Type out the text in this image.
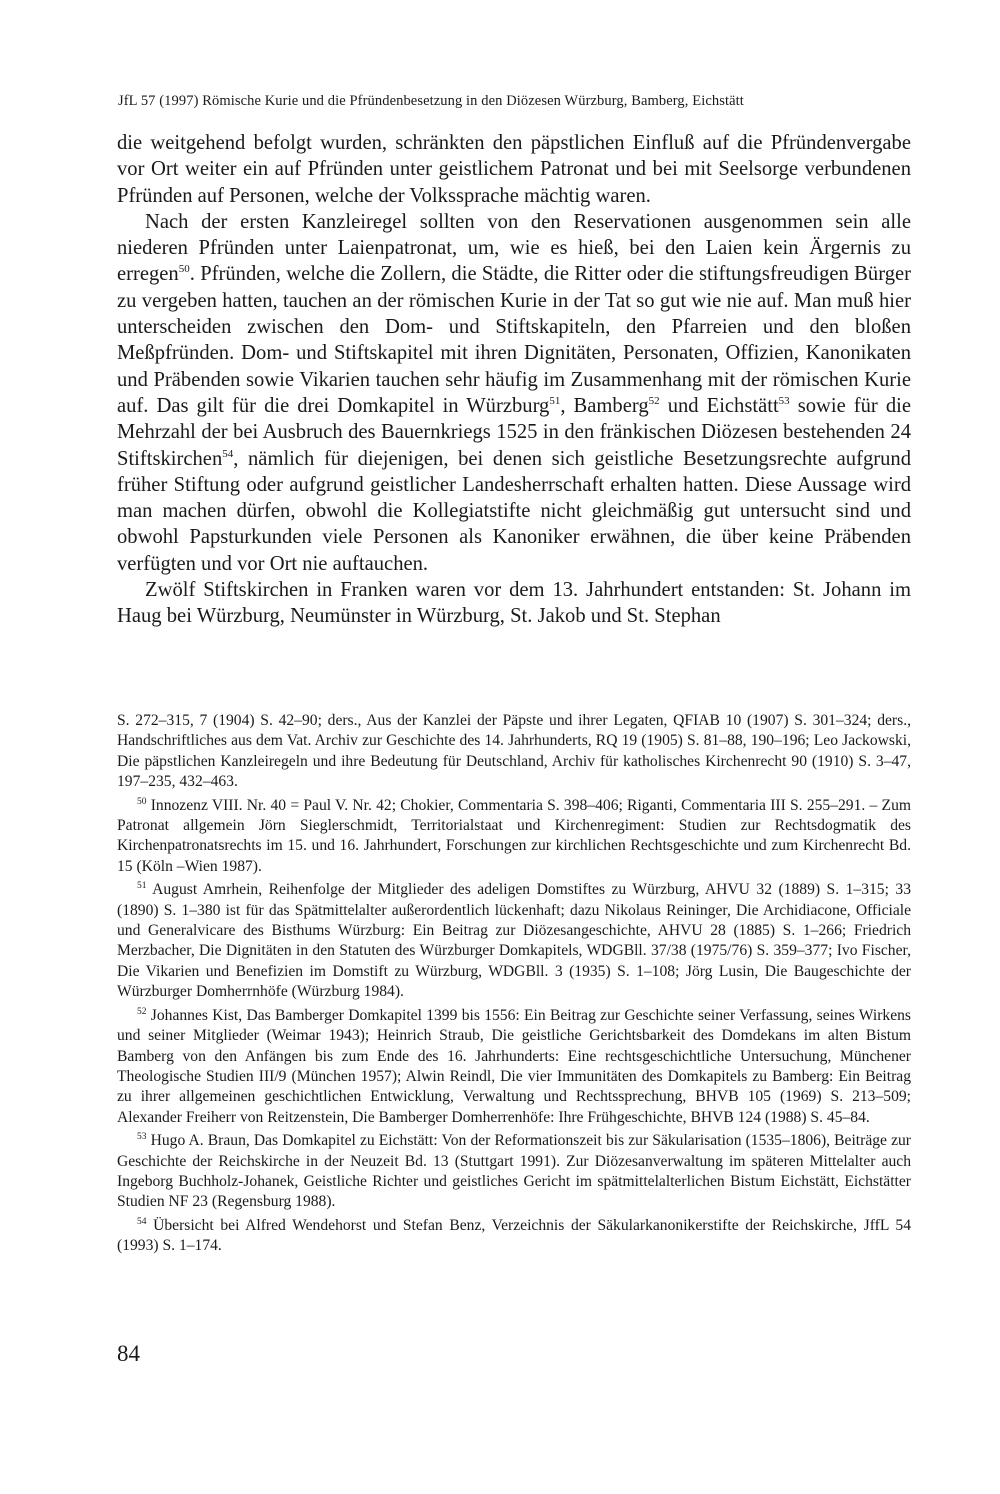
JfL 57 (1997) Römische Kurie und die Pfründenbesetzung in den Diözesen Würzburg, Bamberg, Eichstätt

die weitgehend befolgt wurden, schränkten den päpstlichen Einfluß auf die Pfründenvergabe vor Ort weiter ein auf Pfründen unter geistlichem Patronat und bei mit Seelsorge verbundenen Pfründen auf Personen, welche der Volkssprache mächtig waren.

Nach der ersten Kanzleiregel sollten von den Reservationen ausgenommen sein alle niederen Pfründen unter Laienpatronat, um, wie es hieß, bei den Laien kein Ärgernis zu erregen$^{50}$. Pfründen, welche die Zollern, die Städte, die Ritter oder die stiftungsfreudigen Bürger zu vergeben hatten, tauchen an der römischen Kurie in der Tat so gut wie nie auf. Man muß hier unterscheiden zwischen den Dom- und Stiftskapiteln, den Pfarreien und den bloßen Meßpfründen. Dom- und Stiftskapitel mit ihren Dignitäten, Personaten, Offizien, Kanonikaten und Präbenden sowie Vikarien tauchen sehr häufig im Zusammenhang mit der römischen Kurie auf. Das gilt für die drei Domkapitel in Würzburg$^{51}$, Bamberg$^{52}$ und Eichstätt$^{53}$ sowie für die Mehrzahl der bei Ausbruch des Bauernkriegs 1525 in den fränkischen Diözesen bestehenden 24 Stiftskirchen$^{54}$, nämlich für diejenigen, bei denen sich geistliche Besetzungsrechte aufgrund früher Stiftung oder aufgrund geistlicher Landesherrschaft erhalten hatten. Diese Aussage wird man machen dürfen, obwohl die Kollegiatstifte nicht gleichmäßig gut untersucht sind und obwohl Papsturkunden viele Personen als Kanoniker erwähnen, die über keine Präbenden verfügten und vor Ort nie auftauchen.

Zwölf Stiftskirchen in Franken waren vor dem 13. Jahrhundert entstanden: St. Johann im Haug bei Würzburg, Neumünster in Würzburg, St. Jakob und St. Stephan

S. 272–315, 7 (1904) S. 42–90; ders., Aus der Kanzlei der Päpste und ihrer Legaten, QFIAB 10 (1907) S. 301–324; ders., Handschriftliches aus dem Vat. Archiv zur Geschichte des 14. Jahrhunderts, RQ 19 (1905) S. 81–88, 190–196; Leo Jackowski, Die päpstlichen Kanzleiregeln und ihre Bedeutung für Deutschland, Archiv für katholisches Kirchenrecht 90 (1910) S. 3–47, 197–235, 432–463.

$^{50}$ Innozenz VIII. Nr. 40 = Paul V. Nr. 42; Chokier, Commentaria S. 398–406; Riganti, Commentaria III S. 255–291. – Zum Patronat allgemein Jörn Sieglerschmidt, Territorialstaat und Kirchenregiment: Studien zur Rechtsdogmatik des Kirchenpatronatsrechts im 15. und 16. Jahrhundert, Forschungen zur kirchlichen Rechtsgeschichte und zum Kirchenrecht Bd. 15 (Köln –Wien 1987).

$^{51}$ August Amrhein, Reihenfolge der Mitglieder des adeligen Domstiftes zu Würzburg, AHVU 32 (1889) S. 1–315; 33 (1890) S. 1–380 ist für das Spätmittelalter außerordentlich lückenhaft; dazu Nikolaus Reininger, Die Archidiacone, Officiale und Generalvicare des Bisthums Würzburg: Ein Beitrag zur Diözesangeschichte, AHVU 28 (1885) S. 1–266; Friedrich Merzbacher, Die Dignitäten in den Statuten des Würzburger Domkapitels, WDGBll. 37/38 (1975/76) S. 359–377; Ivo Fischer, Die Vikarien und Benefizien im Domstift zu Würzburg, WDGBll. 3 (1935) S. 1–108; Jörg Lusin, Die Baugeschichte der Würzburger Domherrnhöfe (Würzburg 1984).

$^{52}$ Johannes Kist, Das Bamberger Domkapitel 1399 bis 1556: Ein Beitrag zur Geschichte seiner Verfassung, seines Wirkens und seiner Mitglieder (Weimar 1943); Heinrich Straub, Die geistliche Gerichtsbarkeit des Domdekans im alten Bistum Bamberg von den Anfängen bis zum Ende des 16. Jahrhunderts: Eine rechtsgeschichtliche Untersuchung, Münchener Theologische Studien III/9 (München 1957); Alwin Reindl, Die vier Immunitäten des Domkapitels zu Bamberg: Ein Beitrag zu ihrer allgemeinen geschichtlichen Entwicklung, Verwaltung und Rechtssprechung, BHVB 105 (1969) S. 213–509; Alexander Freiherr von Reitzenstein, Die Bamberger Domherrenhöfe: Ihre Frühgeschichte, BHVB 124 (1988) S. 45–84.

$^{53}$ Hugo A. Braun, Das Domkapitel zu Eichstätt: Von der Reformationszeit bis zur Säkularisation (1535–1806), Beiträge zur Geschichte der Reichskirche in der Neuzeit Bd. 13 (Stuttgart 1991). Zur Diözesanverwaltung im späteren Mittelalter auch Ingeborg Buchholz-Johanek, Geistliche Richter und geistliches Gericht im spätmittelalterlichen Bistum Eichstätt, Eichstätter Studien NF 23 (Regensburg 1988).

$^{54}$ Übersicht bei Alfred Wendehorst und Stefan Benz, Verzeichnis der Säkularkanonikerstifte der Reichskirche, JffL 54 (1993) S. 1–174.

84
